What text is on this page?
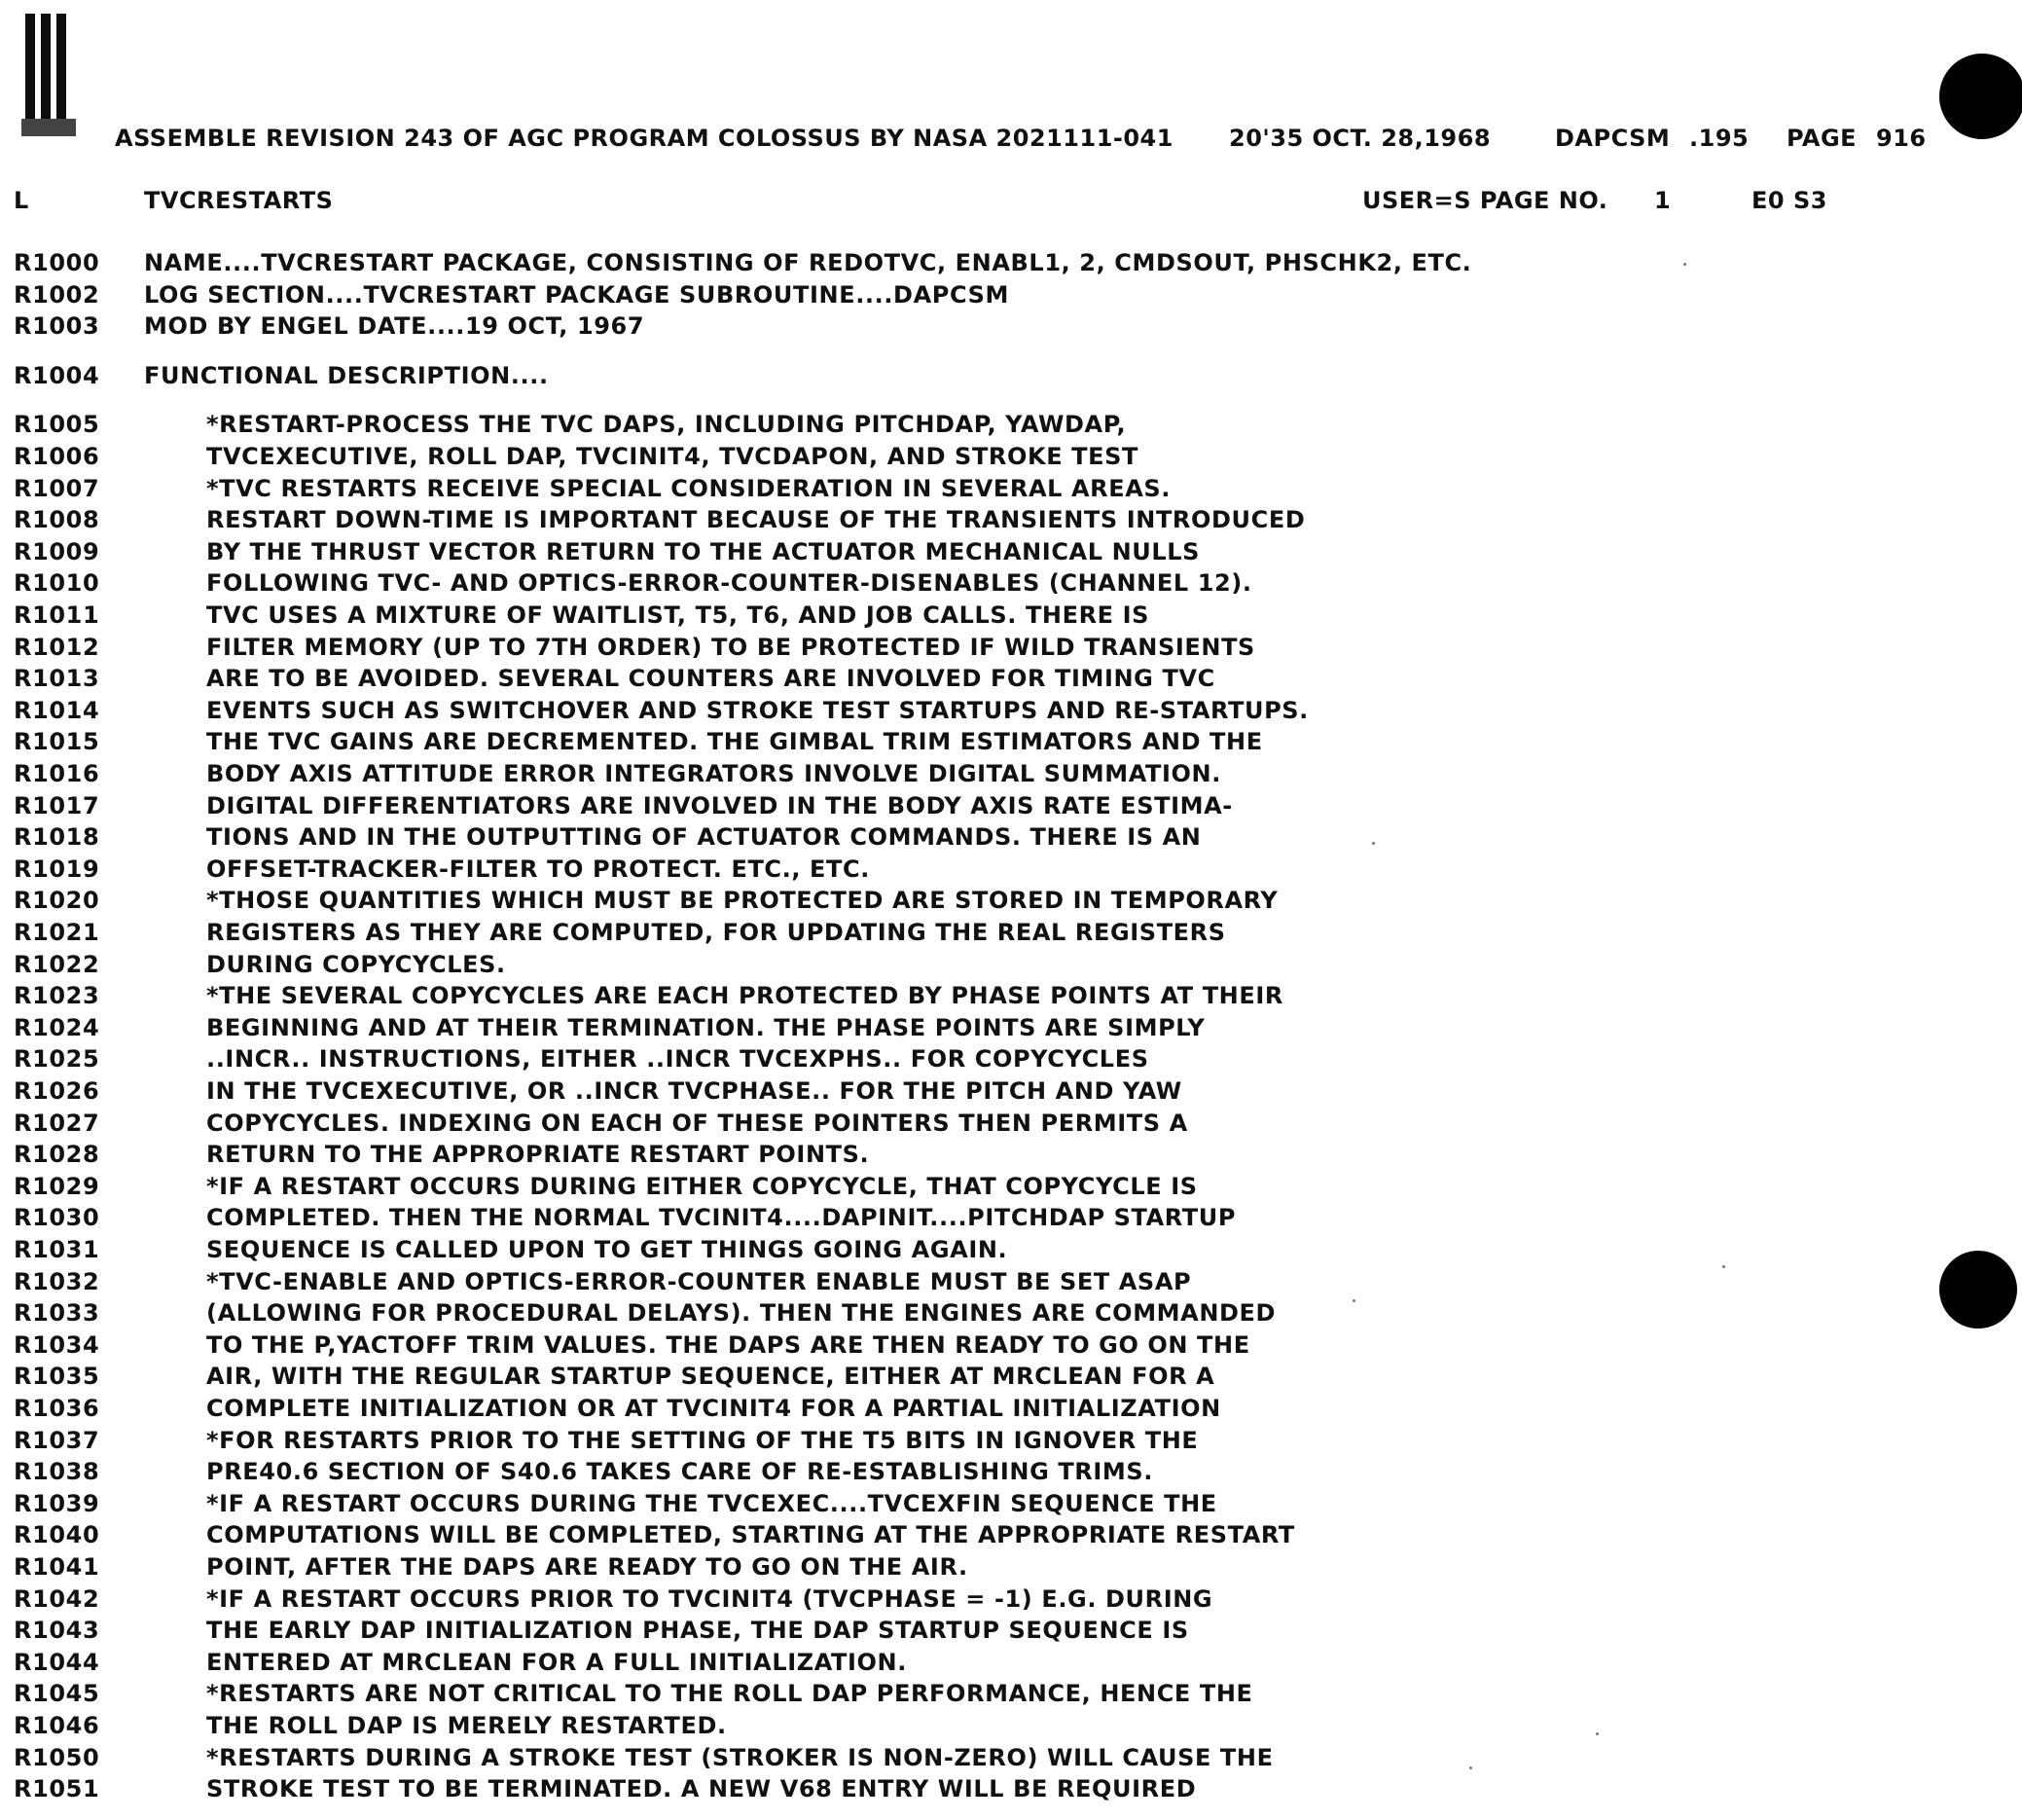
ASSEMBLE REVISION 243 OF AGC PROGRAM COLOSSUS BY NASA 2021111-041 20'35 OCT. 28,1968	DAPCSM .195 PAGE 916
L	TVCRESTARTS	USER=S PAGE NO. 1	E0 S3
R1000	NAME....TVCRESTART PACKAGE, CONSISTING OF REDOTVC, ENABL1, 2, CMDSOUT, PHSCHK2, ETC.
R1002	LOG SECTION....TVCRESTART PACKAGE SUBROUTINE....DAPCSM
R1003	MOD BY ENGEL DATE....19 OCT, 1967
R1004	FUNCTIONAL DESCRIPTION....
R1005	*RESTART-PROCESS THE TVC DAPS, INCLUDING PITCHDAP, YAWDAP,
R1006	TVCEXECUTIVE, ROLL DAP, TVCINIT4, TVCDAPON, AND STROKE TEST
R1007	*TVC RESTARTS RECEIVE SPECIAL CONSIDERATION IN SEVERAL AREAS.
R1008	RESTART DOWN-TIME IS IMPORTANT BECAUSE OF THE TRANSIENTS INTRODUCED
R1009	BY THE THRUST VECTOR RETURN TO THE ACTUATOR MECHANICAL NULLS
R1010	FOLLOWING TVC- AND OPTICS-ERROR-COUNTER-DISENABLES (CHANNEL 12).
R1011	TVC USES A MIXTURE OF WAITLIST, T5, T6, AND JOB CALLS. THERE IS
R1012	FILTER MEMORY (UP TO 7TH ORDER) TO BE PROTECTED IF WILD TRANSIENTS
R1013	ARE TO BE AVOIDED. SEVERAL COUNTERS ARE INVOLVED FOR TIMING TVC
R1014	EVENTS SUCH AS SWITCHOVER AND STROKE TEST STARTUPS AND RE-STARTUPS.
R1015	THE TVC GAINS ARE DECREMENTED. THE GIMBAL TRIM ESTIMATORS AND THE
R1016	BODY AXIS ATTITUDE ERROR INTEGRATORS INVOLVE DIGITAL SUMMATION.
R1017	DIGITAL DIFFERENTIATORS ARE INVOLVED IN THE BODY AXIS RATE ESTIMA-
R1018	TIONS AND IN THE OUTPUTTING OF ACTUATOR COMMANDS. THERE IS AN
R1019	OFFSET-TRACKER-FILTER TO PROTECT. ETC., ETC.
R1020	*THOSE QUANTITIES WHICH MUST BE PROTECTED ARE STORED IN TEMPORARY
R1021	REGISTERS AS THEY ARE COMPUTED, FOR UPDATING THE REAL REGISTERS
R1022	DURING COPYCYCLES.
R1023	*THE SEVERAL COPYCYCLES ARE EACH PROTECTED BY PHASE POINTS AT THEIR
R1024	BEGINNING AND AT THEIR TERMINATION. THE PHASE POINTS ARE SIMPLY
R1025	..INCR.. INSTRUCTIONS, EITHER ..INCR TVCEXPHS.. FOR COPYCYCLES
R1026	IN THE TVCEXECUTIVE, OR ..INCR TVCPHASE.. FOR THE PITCH AND YAW
R1027	COPYCYCLES. INDEXING ON EACH OF THESE POINTERS THEN PERMITS A
R1028	RETURN TO THE APPROPRIATE RESTART POINTS.
R1029	*IF A RESTART OCCURS DURING EITHER COPYCYCLE, THAT COPYCYCLE IS
R1030	COMPLETED. THEN THE NORMAL TVCINIT4....DAPINIT....PITCHDAP STARTUP
R1031	SEQUENCE IS CALLED UPON TO GET THINGS GOING AGAIN.
R1032	*TVC-ENABLE AND OPTICS-ERROR-COUNTER ENABLE MUST BE SET ASAP
R1033	(ALLOWING FOR PROCEDURAL DELAYS). THEN THE ENGINES ARE COMMANDED
R1034	TO THE P,YACTOFF TRIM VALUES. THE DAPS ARE THEN READY TO GO ON THE
R1035	AIR, WITH THE REGULAR STARTUP SEQUENCE, EITHER AT MRCLEAN FOR A
R1036	COMPLETE INITIALIZATION OR AT TVCINIT4 FOR A PARTIAL INITIALIZATION
R1037	*FOR RESTARTS PRIOR TO THE SETTING OF THE T5 BITS IN IGNOVER THE
R1038	PRE40.6 SECTION OF S40.6 TAKES CARE OF RE-ESTABLISHING TRIMS.
R1039	*IF A RESTART OCCURS DURING THE TVCEXEC....TVCEXFIN SEQUENCE THE
R1040	COMPUTATIONS WILL BE COMPLETED, STARTING AT THE APPROPRIATE RESTART
R1041	POINT, AFTER THE DAPS ARE READY TO GO ON THE AIR.
R1042	*IF A RESTART OCCURS PRIOR TO TVCINIT4 (TVCPHASE = -1) E.G. DURING
R1043	THE EARLY DAP INITIALIZATION PHASE, THE DAP STARTUP SEQUENCE IS
R1044	ENTERED AT MRCLEAN FOR A FULL INITIALIZATION.
R1045	*RESTARTS ARE NOT CRITICAL TO THE ROLL DAP PERFORMANCE, HENCE THE
R1046	THE ROLL DAP IS MERELY RESTARTED.
R1050	*RESTARTS DURING A STROKE TEST (STROKER IS NON-ZERO) WILL CAUSE THE
R1051	STROKE TEST TO BE TERMINATED. A NEW V68 ENTRY WILL BE REQUIRED
